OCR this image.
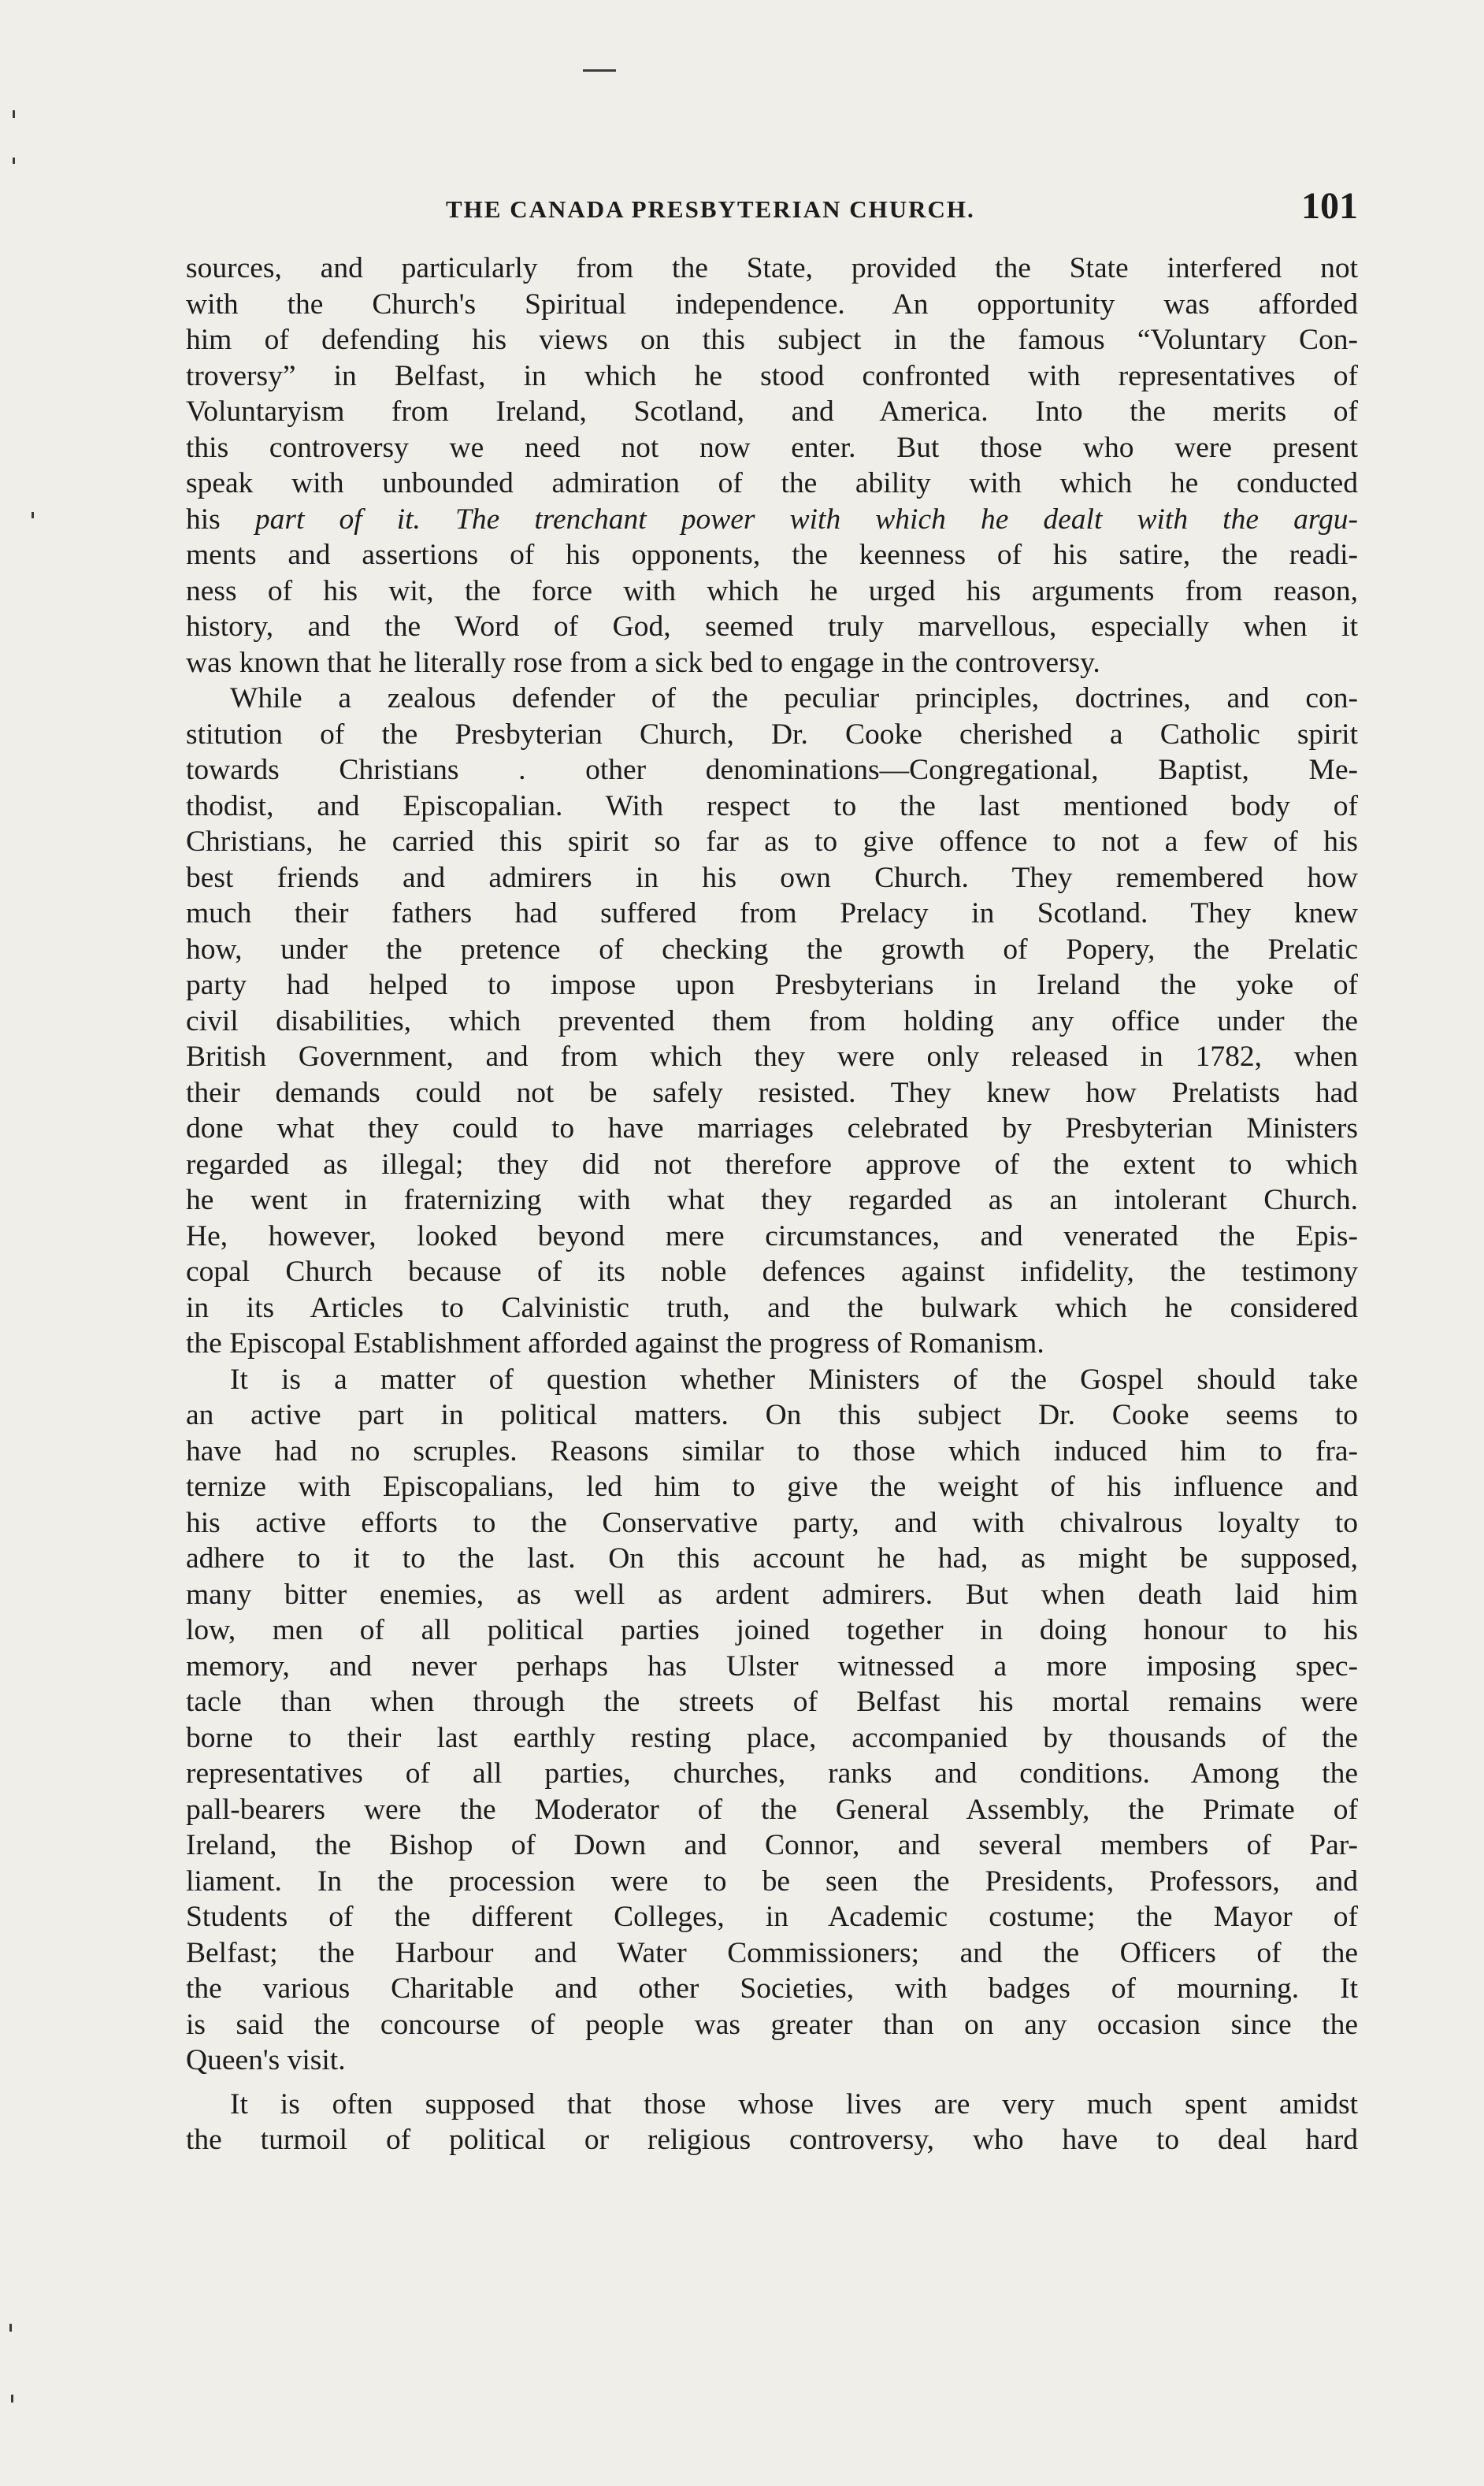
THE CANADA PRESBYTERIAN CHURCH.	101
sources, and particularly from the State, provided the State interfered not
with the Church's Spiritual independence. An opportunity was afforded
him of defending his views on this subject in the famous “Voluntary Con-
troversy” in Belfast, in which he stood confronted with representatives of
Voluntaryism from Ireland, Scotland, and America. Into the merits of
this controversy we need not now enter. But those who were present
speak with unbounded admiration of the ability with which he conducted
his part of it. The trenchant power with which he dealt with the argu-
ments and assertions of his opponents, the keenness of his satire, the readi-
ness of his wit, the force with which he urged his arguments from reason,
history, and the Word of God, seemed truly marvellous, especially when it
was known that he literally rose from a sick bed to engage in the controversy.
While a zealous defender of the peculiar principles, doctrines, and con-
stitution of the Presbyterian Church, Dr. Cooke cherished a Catholic spirit
towards Christians . other denominations—Congregational, Baptist, Me-
thodist, and Episcopalian. With respect to the last mentioned body of
Christians, he carried this spirit so far as to give offence to not a few of his
best friends and admirers in his own Church. They remembered how
much their fathers had suffered from Prelacy in Scotland. They knew
how, under the pretence of checking the growth of Popery, the Prelatic
party had helped to impose upon Presbyterians in Ireland the yoke of
civil disabilities, which prevented them from holding any office under the
British Government, and from which they were only released in 1782, when
their demands could not be safely resisted. They knew how Prelatists had
done what they could to have marriages celebrated by Presbyterian Ministers
regarded as illegal; they did not therefore approve of the extent to which
he went in fraternizing with what they regarded as an intolerant Church.
He, however, looked beyond mere circumstances, and venerated the Epis-
copal Church because of its noble defences against infidelity, the testimony
in its Articles to Calvinistic truth, and the bulwark which he considered
the Episcopal Establishment afforded against the progress of Romanism.
It is a matter of question whether Ministers of the Gospel should take
an active part in political matters. On this subject Dr. Cooke seems to
have had no scruples. Reasons similar to those which induced him to fra-
ternize with Episcopalians, led him to give the weight of his influence and
his active efforts to the Conservative party, and with chivalrous loyalty to
adhere to it to the last. On this account he had, as might be supposed,
many bitter enemies, as well as ardent admirers. But when death laid him
low, men of all political parties joined together in doing honour to his
memory, and never perhaps has Ulster witnessed a more imposing spec-
tacle than when through the streets of Belfast his mortal remains were
borne to their last earthly resting place, accompanied by thousands of the
representatives of all parties, churches, ranks and conditions. Among the
pall-bearers were the Moderator of the General Assembly, the Primate of
Ireland, the Bishop of Down and Connor, and several members of Par-
liament. In the procession were to be seen the Presidents, Professors, and
Students of the different Colleges, in Academic costume; the Mayor of
Belfast; the Harbour and Water Commissioners; and the Officers of the
the various Charitable and other Societies, with badges of mourning. It
is said the concourse of people was greater than on any occasion since the
Queen's visit.
It is often supposed that those whose lives are very much spent amidst
the turmoil of political or religious controversy, who have to deal hard
